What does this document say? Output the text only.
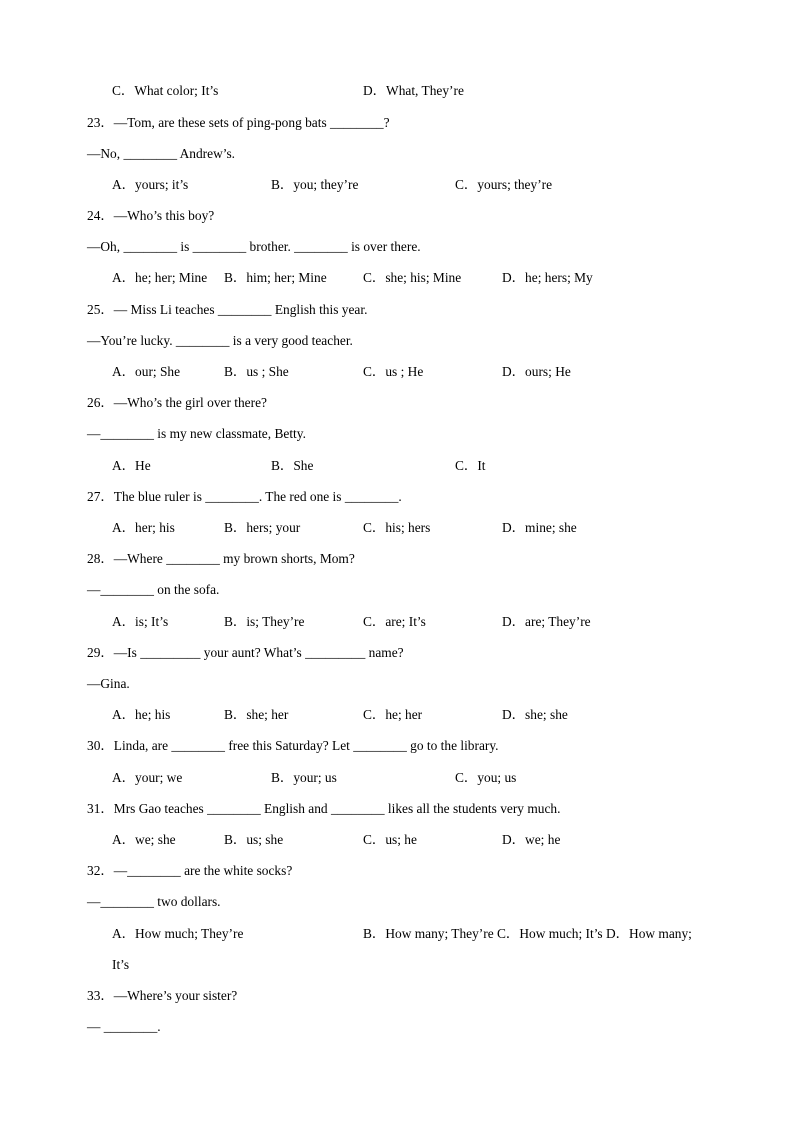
C．What color; It’s	D．What, They’re
23．—Tom, are these sets of ping-pong bats ________?
—No, ________ Andrew’s.
A．yours; it’s	B．you; they’re	C．yours; they’re
24．—Who’s this boy?
—Oh, ________ is ________ brother. ________ is over there.
A．he; her; Mine B．him; her; Mine	C．she; his; Mine	D．he; hers; My
25．— Miss Li teaches ________ English this year.
—You’re lucky. ________ is a very good teacher.
A．our; She	B．us ; She	C．us ; He	D．ours; He
26．—Who’s the girl over there?
—________ is my new classmate, Betty.
A．He	B．She	C．It
27．The blue ruler is ________. The red one is ________.
A．her; his	B．hers; your	C．his; hers	D．mine; she
28．—Where ________ my brown shorts, Mom?
—________ on the sofa.
A．is; It’s	B．is; They’re	C．are; It’s	D．are; They’re
29．—Is _________ your aunt? What’s _________ name?
—Gina.
A．he; his	B．she; her	C．he; her	D．she; she
30．Linda, are ________ free this Saturday? Let ________ go to the library.
A．your; we	B．your; us	C．you; us
31．Mrs Gao teaches ________ English and ________ likes all the students very much.
A．we; she	B．us; she	C．us; he	D．we; he
32．—________ are the white socks?
—________ two dollars.
A．How much; They’re	B．How many; They’re C．How much; It’s D．How many;
It’s
33．—Where’s your sister?
— ________.
